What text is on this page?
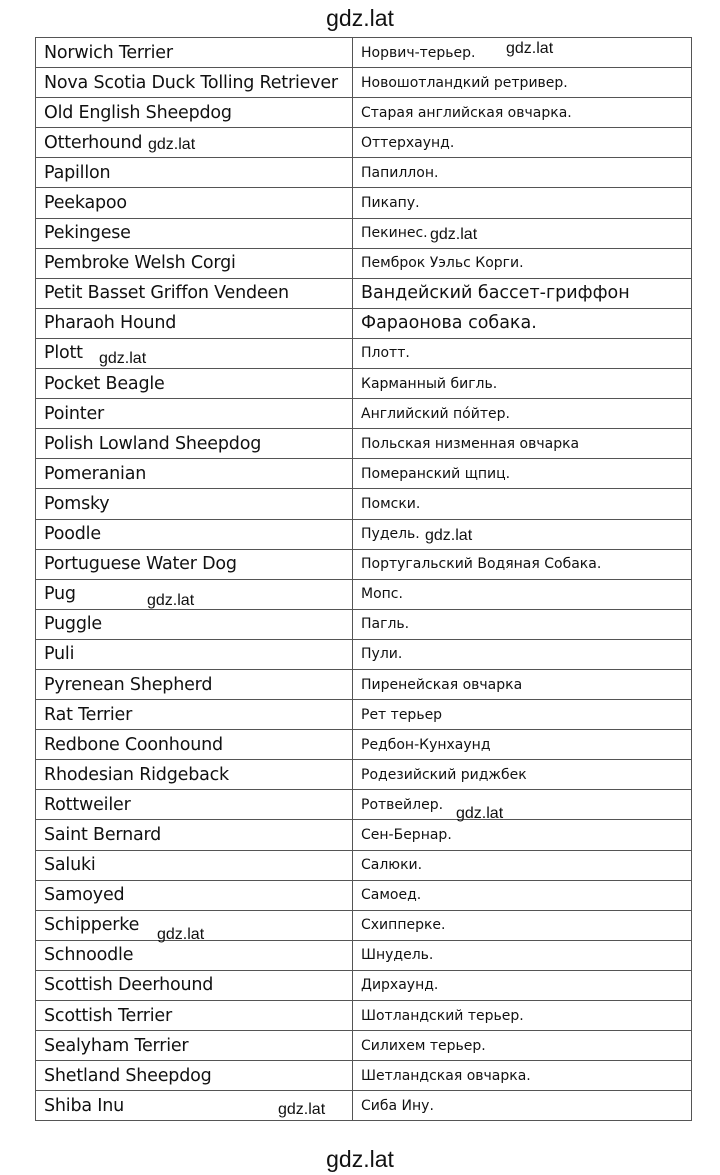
gdz.lat
Norwich Terrier	Норвич-терьер.
Nova Scotia Duck Tolling Retriever	Новошотландкий ретривер.
Old English Sheepdog	Старая английская овчарка.
Otterhound	Оттерхаунд.
Papillon	Папиллон.
Peekapoo	Пикапу.
Pekingese	Пекинес.
Pembroke Welsh Corgi	Пемброк Уэльс Корги.
Petit Basset Griffon Vendeen	Вандейский бассет-гриффон
Pharaoh Hound	Фараонова собака.
Plott	Плотт.
Pocket Beagle	Карманный бигль.
Pointer	Английский по́йтер.
Polish Lowland Sheepdog	Польская низменная овчарка
Pomeranian	Померанский щпиц.
Pomsky	Помски.
Poodle	Пудель.
Portuguese Water Dog	Португальский Водяная Собака.
Pug	Мопс.
Puggle	Пагль.
Puli	Пули.
Pyrenean Shepherd	Пиренейская овчарка
Rat Terrier	Рет терьер
Redbone Coonhound	Редбон-Кунхаунд
Rhodesian Ridgeback	Родезийский риджбек
Rottweiler	Ротвейлер.
Saint Bernard	Сен-Бернар.
Saluki	Салюки.
Samoyed	Самоед.
Schipperke	Схипперке.
Schnoodle	Шнудель.
Scottish Deerhound	Дирхаунд.
Scottish Terrier	Шотландский терьер.
Sealyham Terrier	Силихем терьер.
Shetland Sheepdog	Шетландская овчарка.
Shiba Inu	Сиба Ину.
gdz.lat
gdz.lat
gdz.lat
gdz.lat
gdz.lat
gdz.lat
gdz.lat
gdz.lat
gdz.lat
gdz.lat
